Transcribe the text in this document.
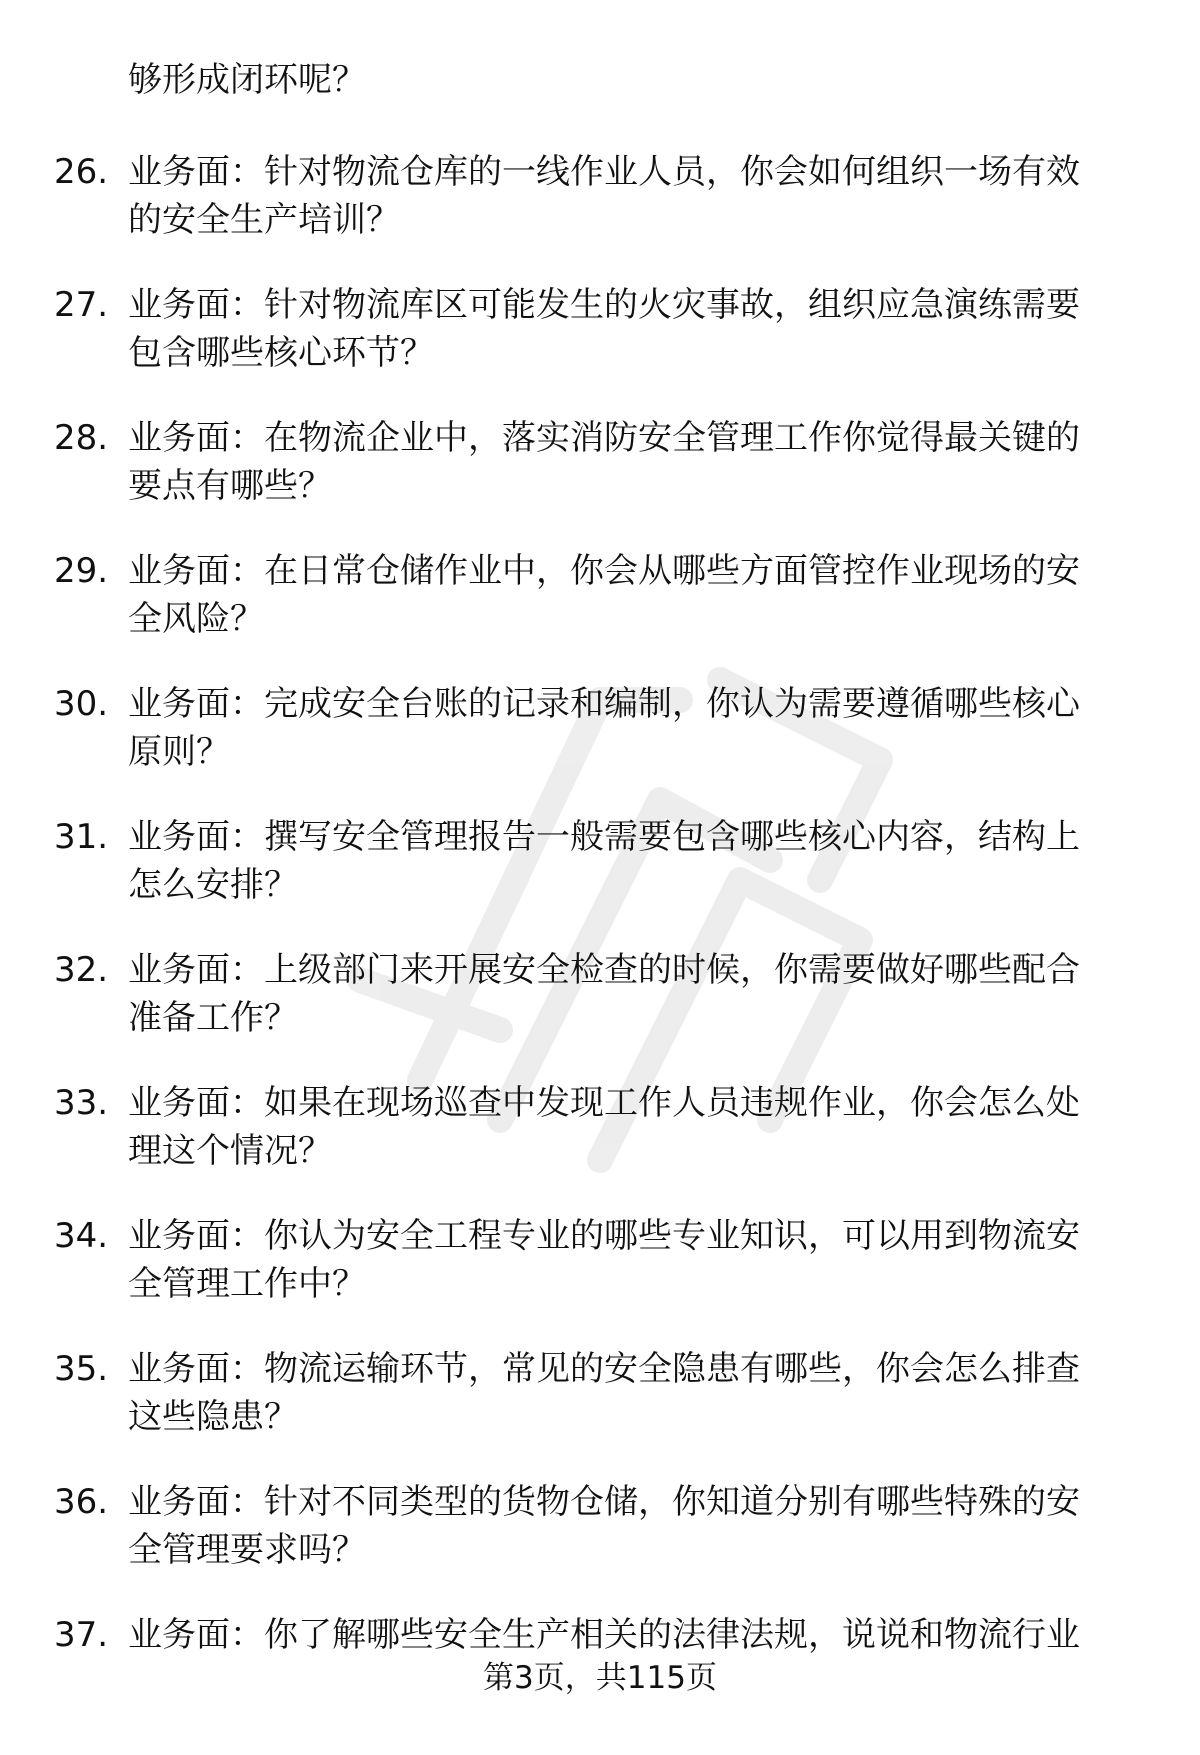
够形成闭环呢？
26. 业务面：针对物流仓库的一线作业人员，你会如何组织一场有效
的安全生产培训？
27. 业务面：针对物流库区可能发生的火灾事故，组织应急演练需要
包含哪些核心环节？
28. 业务面：在物流企业中，落实消防安全管理工作你觉得最关键的
要点有哪些？
29. 业务面：在日常仓储作业中，你会从哪些方面管控作业现场的安
全风险？
30. 业务面：完成安全台账的记录和编制，你认为需要遵循哪些核心
原则？
31. 业务面：撰写安全管理报告一般需要包含哪些核心内容，结构上
怎么安排？
32. 业务面：上级部门来开展安全检查的时候，你需要做好哪些配合
准备工作？
33. 业务面：如果在现场巡查中发现工作人员违规作业，你会怎么处
理这个情况？
34. 业务面：你认为安全工程专业的哪些专业知识，可以用到物流安
全管理工作中？
35. 业务面：物流运输环节，常见的安全隐患有哪些，你会怎么排查
这些隐患？
36. 业务面：针对不同类型的货物仓储，你知道分别有哪些特殊的安
全管理要求吗？
37. 业务面：你了解哪些安全生产相关的法律法规，说说和物流行业
第3页，共115页
